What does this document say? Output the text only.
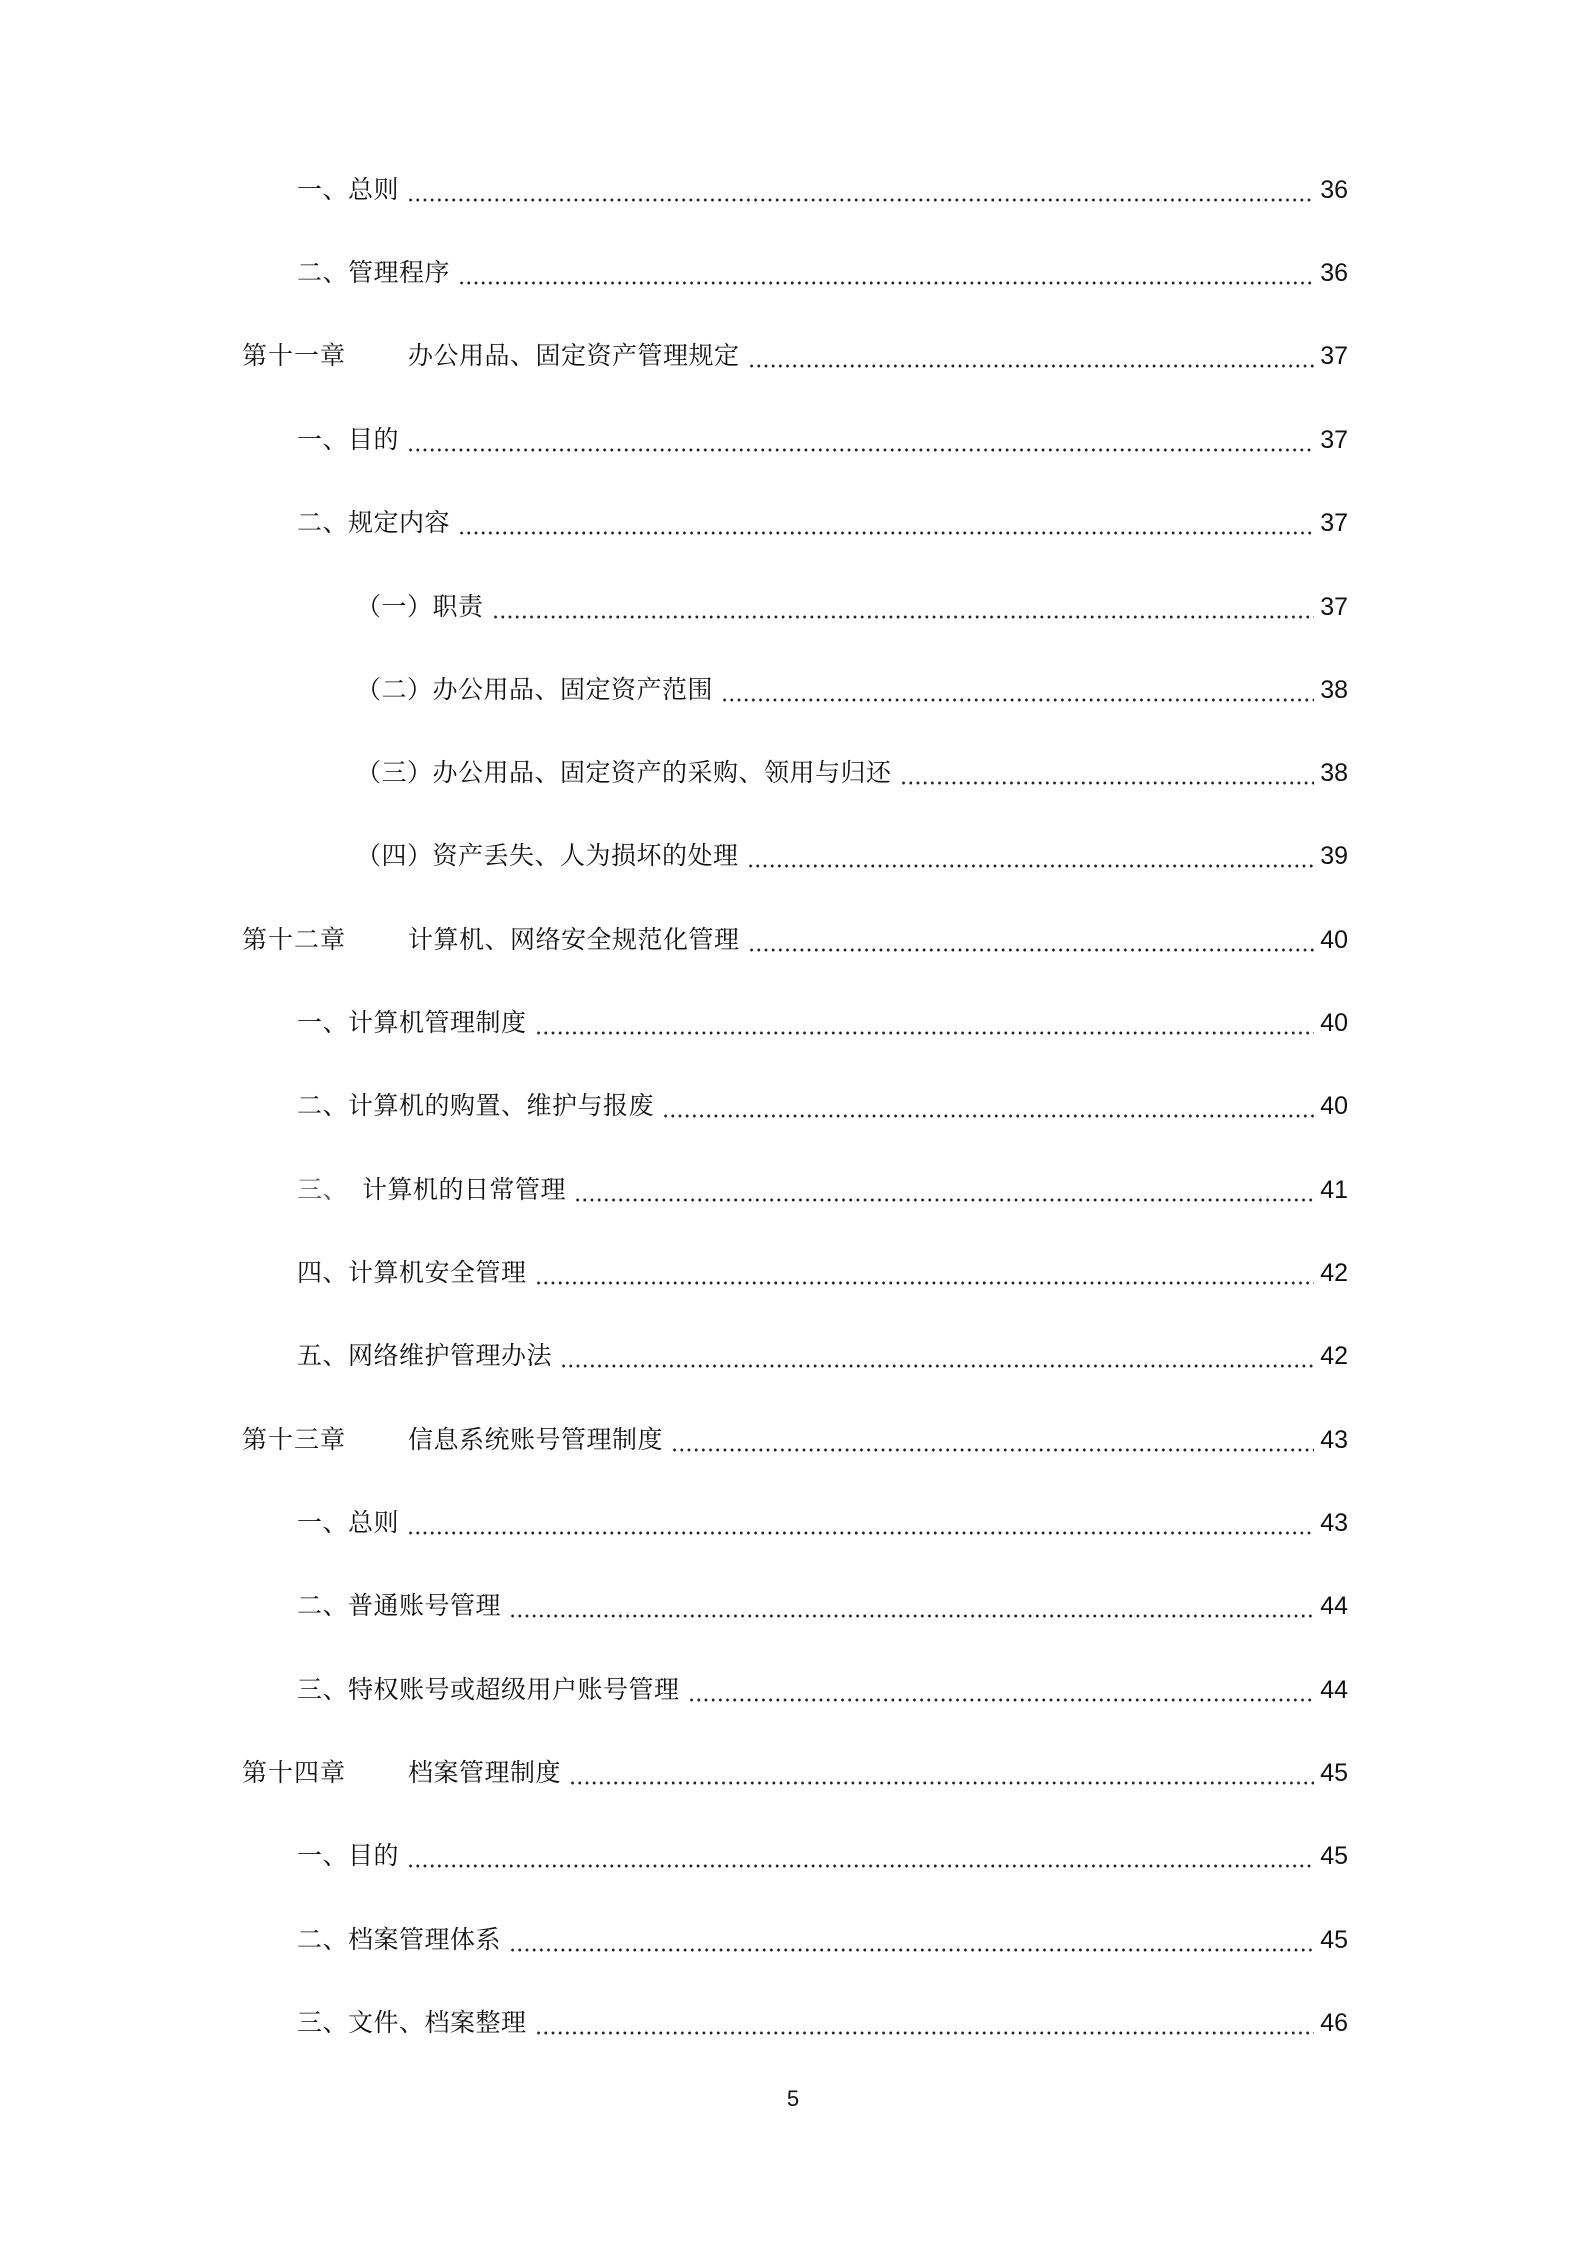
一、总则	36
二、管理程序	36
第十一章	办公用品、固定资产管理规定	37
一、目的	37
二、规定内容	37
（一）职责	37
（二）办公用品、固定资产范围	38
（三）办公用品、固定资产的采购、领用与归还	38
（四）资产丢失、人为损坏的处理	39
第十二章	计算机、网络安全规范化管理	40
一、计算机管理制度	40
二、计算机的购置、维护与报废	40
三、 计算机的日常管理	41
四、计算机安全管理	42
五、网络维护管理办法	42
第十三章	信息系统账号管理制度	43
一、总则	43
二、普通账号管理	44
三、特权账号或超级用户账号管理	44
第十四章	档案管理制度	45
一、目的	45
二、档案管理体系	45
三、文件、档案整理	46
5
